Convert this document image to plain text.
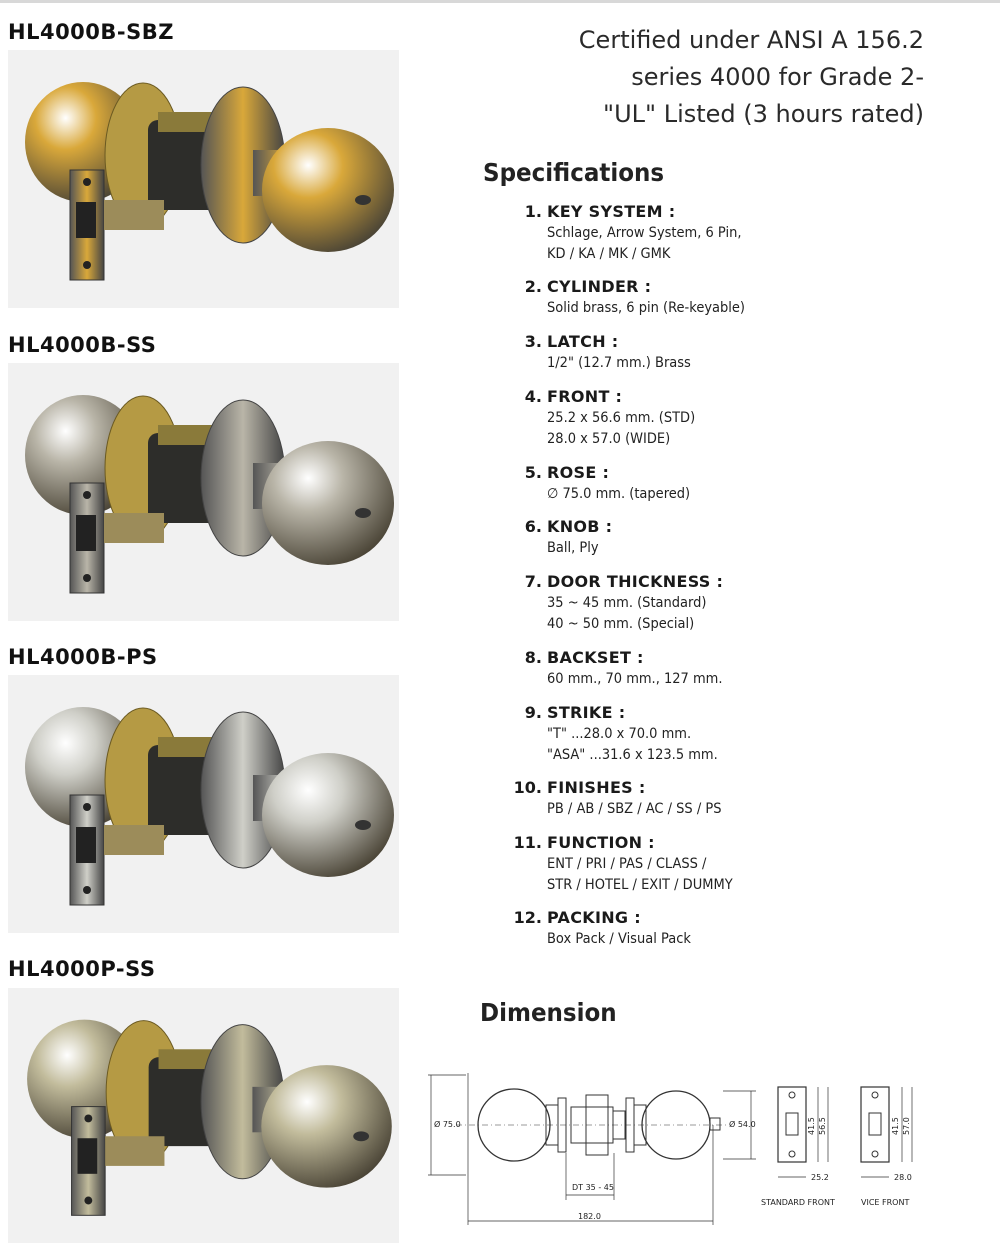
HL4000B-SBZ
HL4000B-SS
HL4000B-PS
HL4000P-SS
Certified under ANSI A 156.2
series 4000 for Grade 2-
"UL" Listed (3 hours rated)
Specifications
1. KEY SYSTEM :
Schlage, Arrow System, 6 Pin,
KD / KA / MK / GMK
2. CYLINDER :
Solid brass, 6 pin (Re-keyable)
3. LATCH :
1/2" (12.7 mm.) Brass
4. FRONT :
25.2 x 56.6 mm. (STD)
28.0 x 57.0 (WIDE)
5. ROSE :
∅ 75.0 mm. (tapered)
6. KNOB :
Ball, Ply
7. DOOR THICKNESS :
35 ~ 45 mm. (Standard)
40 ~ 50 mm. (Special)
8. BACKSET :
60 mm., 70 mm., 127 mm.
9. STRIKE :
"T" ...28.0 x 70.0 mm.
"ASA" ...31.6 x 123.5 mm.
10. FINISHES :
PB / AB / SBZ / AC / SS / PS
11. FUNCTION :
ENT / PRI / PAS / CLASS /
STR / HOTEL / EXIT / DUMMY
12. PACKING :
Box Pack / Visual Pack
Dimension
Ø 75.0	Ø 54.0
DT 35 - 45
182.0
41.5 56.5
25.2
STANDARD FRONT
41.5 57.0
28.0
VICE FRONT
